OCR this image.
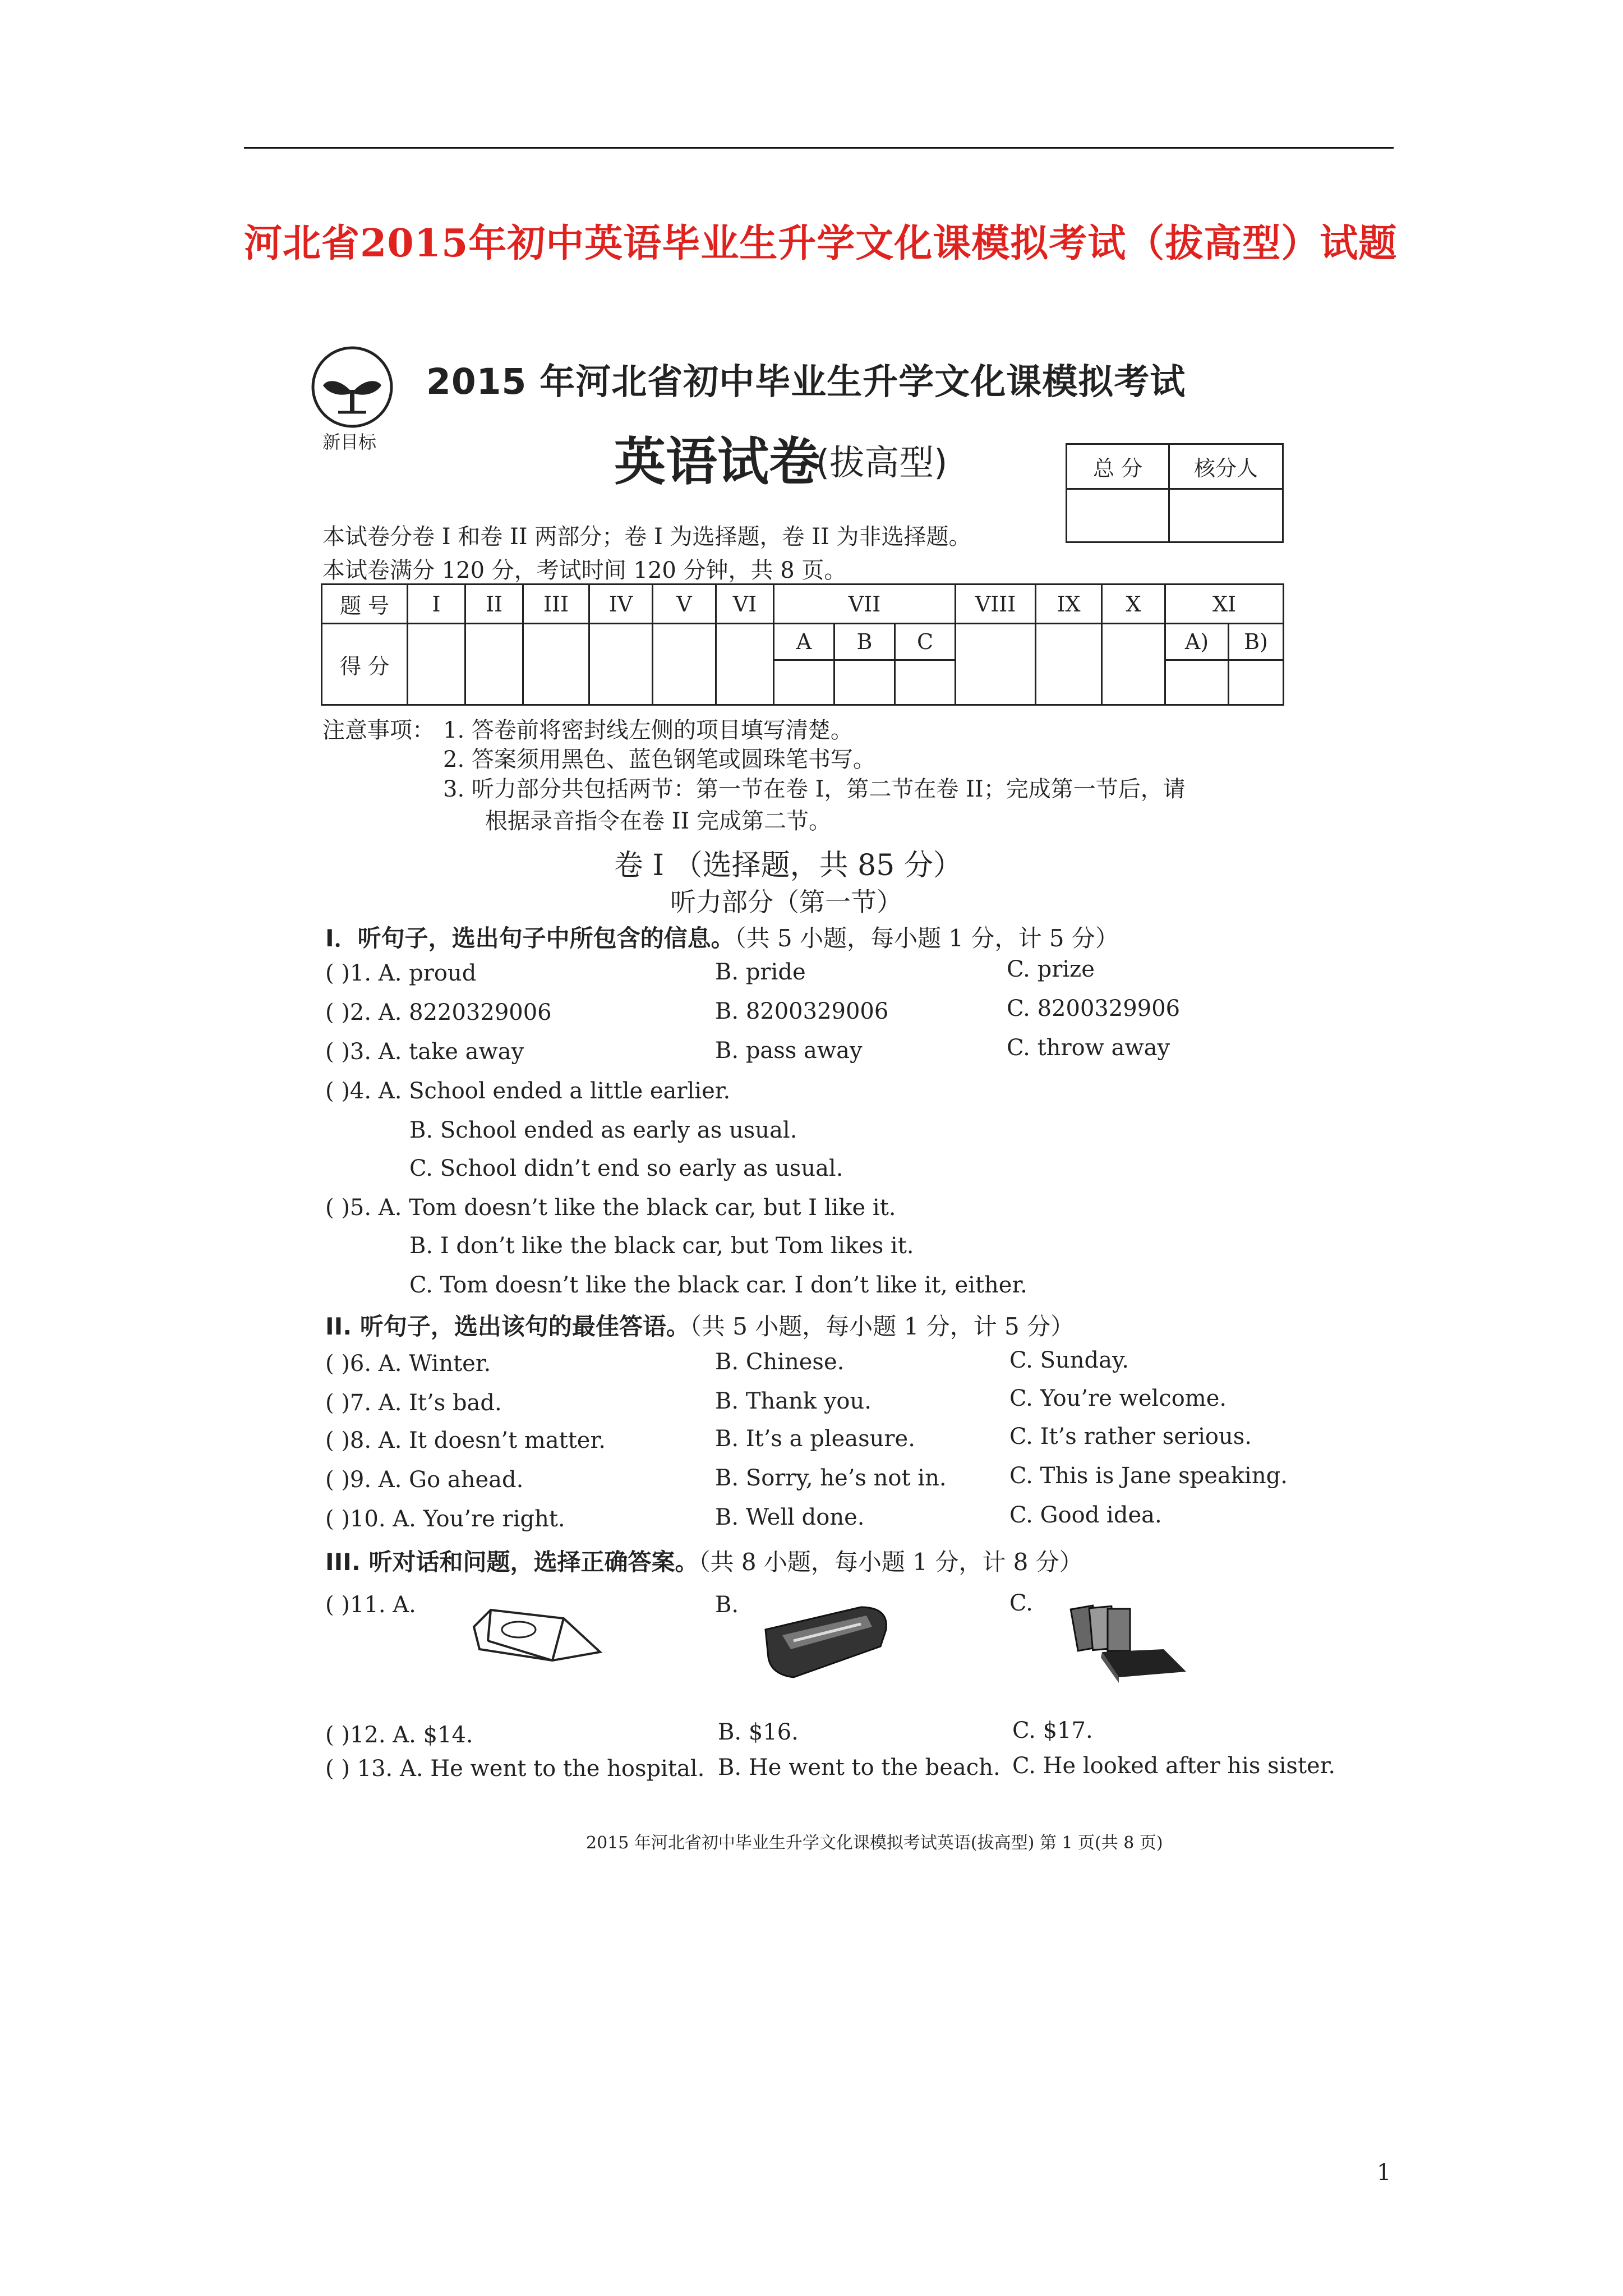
河北省2015年初中英语毕业生升学文化课模拟考试（拔高型）试题
新目标
2015 年河北省初中毕业生升学文化课模拟考试
英语试卷
(拔高型)	总 分	核分人

本试卷分卷 I 和卷 II 两部分；卷 I 为选择题，卷 II 为非选择题。
本试卷满分 120 分，考试时间 120 分钟，共 8 页。
题 号	I	II	III	IV	V	VI	VII			VIII	IX	X	XI	
得 分							A	B	C				A)	B)

注意事项： 1. 答卷前将密封线左侧的项目填写清楚。
2. 答案须用黑色、蓝色钢笔或圆珠笔书写。
3. 听力部分共包括两节：第一节在卷 I，第二节在卷 II；完成第一节后，请
根据录音指令在卷 II 完成第二节。
卷 I （选择题，共 85 分）
听力部分（第一节）
I．听句子，选出句子中所包含的信息。（共 5 小题，每小题 1 分，计 5 分）
( )1. A. proud	B. pride	C. prize
( )2. A. 8220329006	B. 8200329006	C. 8200329906
( )3. A. take away	B. pass away	C. throw away
( )4. A. School ended a little earlier.
B. School ended as early as usual.
C. School didn’t end so early as usual.
( )5. A. Tom doesn’t like the black car, but I like it.
B. I don’t like the black car, but Tom likes it.
C. Tom doesn’t like the black car. I don’t like it, either.
II. 听句子，选出该句的最佳答语。（共 5 小题，每小题 1 分，计 5 分）
( )6. A. Winter.	B. Chinese.	C. Sunday.
( )7. A. It’s bad.	B. Thank you.	C. You’re welcome.
( )8. A. It doesn’t matter.	B. It’s a pleasure.	C. It’s rather serious.
( )9. A. Go ahead.	B. Sorry, he’s not in.	C. This is Jane speaking.
( )10. A. You’re right.	B. Well done.	C. Good idea.
III. 听对话和问题，选择正确答案。（共 8 小题，每小题 1 分，计 8 分）
( )11. A.	B.	C.
( )12. A. $14.	B. $16.	C. $17.
( ) 13. A. He went to the hospital. B. He went to the beach. C. He looked after his sister.
2015 年河北省初中毕业生升学文化课模拟考试英语(拔高型) 第 1 页(共 8 页)
1
